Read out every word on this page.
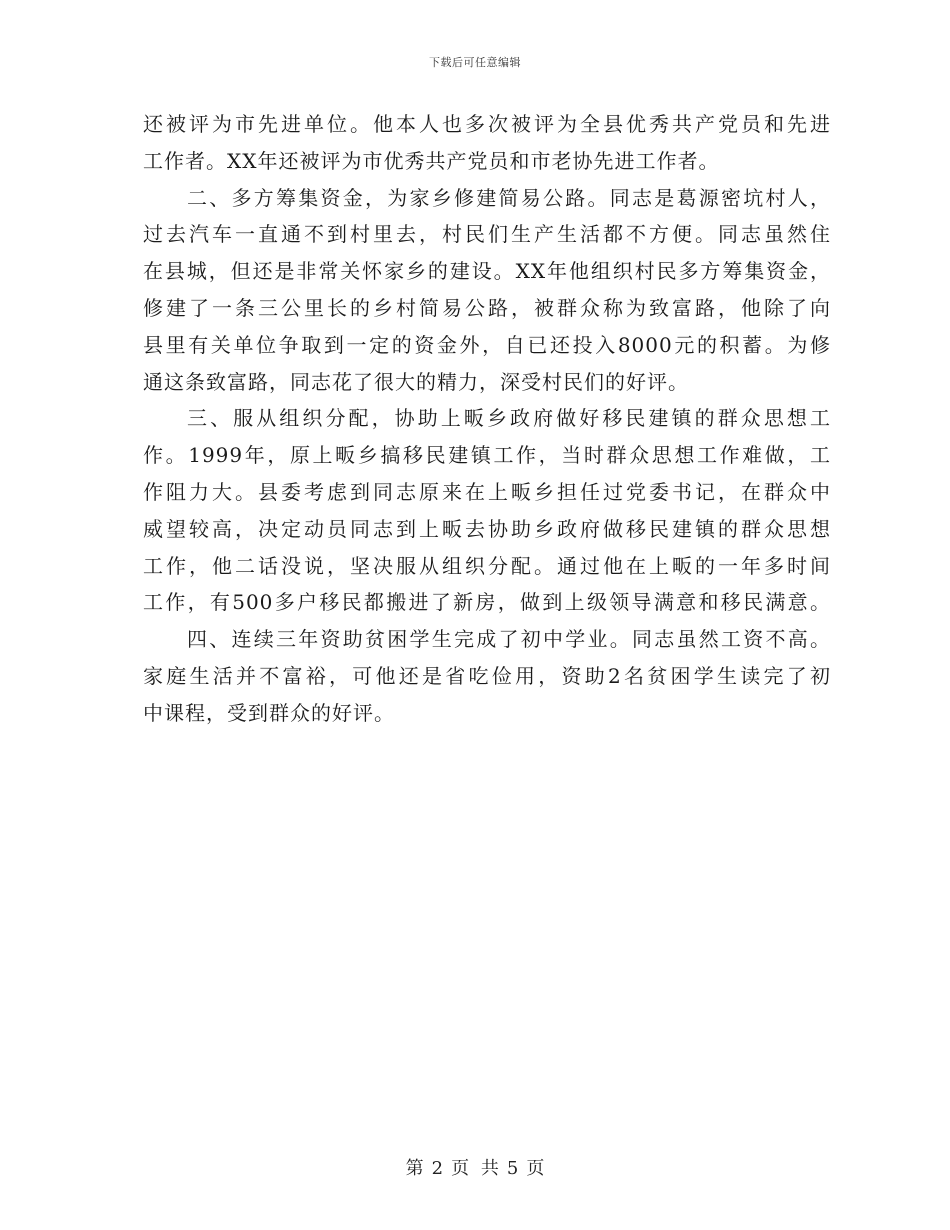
下载后可任意编辑
还被评为市先进单位。他本人也多次被评为全县优秀共产党员和先进
工作者。XX年还被评为市优秀共产党员和市老协先进工作者。
二、多方筹集资金，为家乡修建简易公路。同志是葛源密坑村人，
过去汽车一直通不到村里去，村民们生产生活都不方便。同志虽然住
在县城，但还是非常关怀家乡的建设。XX年他组织村民多方筹集资金，
修建了一条三公里长的乡村简易公路，被群众称为致富路，他除了向
县里有关单位争取到一定的资金外，自已还投入8000元的积蓄。为修
通这条致富路，同志花了很大的精力，深受村民们的好评。
三、服从组织分配，协助上畈乡政府做好移民建镇的群众思想工
作。1999年，原上畈乡搞移民建镇工作，当时群众思想工作难做，工
作阻力大。县委考虑到同志原来在上畈乡担任过党委书记，在群众中
威望较高，决定动员同志到上畈去协助乡政府做移民建镇的群众思想
工作，他二话没说，坚决服从组织分配。通过他在上畈的一年多时间
工作，有500多户移民都搬进了新房，做到上级领导满意和移民满意。
四、连续三年资助贫困学生完成了初中学业。同志虽然工资不高。
家庭生活并不富裕，可他还是省吃俭用，资助2名贫困学生读完了初
中课程，受到群众的好评。
第 2 页 共 5 页
